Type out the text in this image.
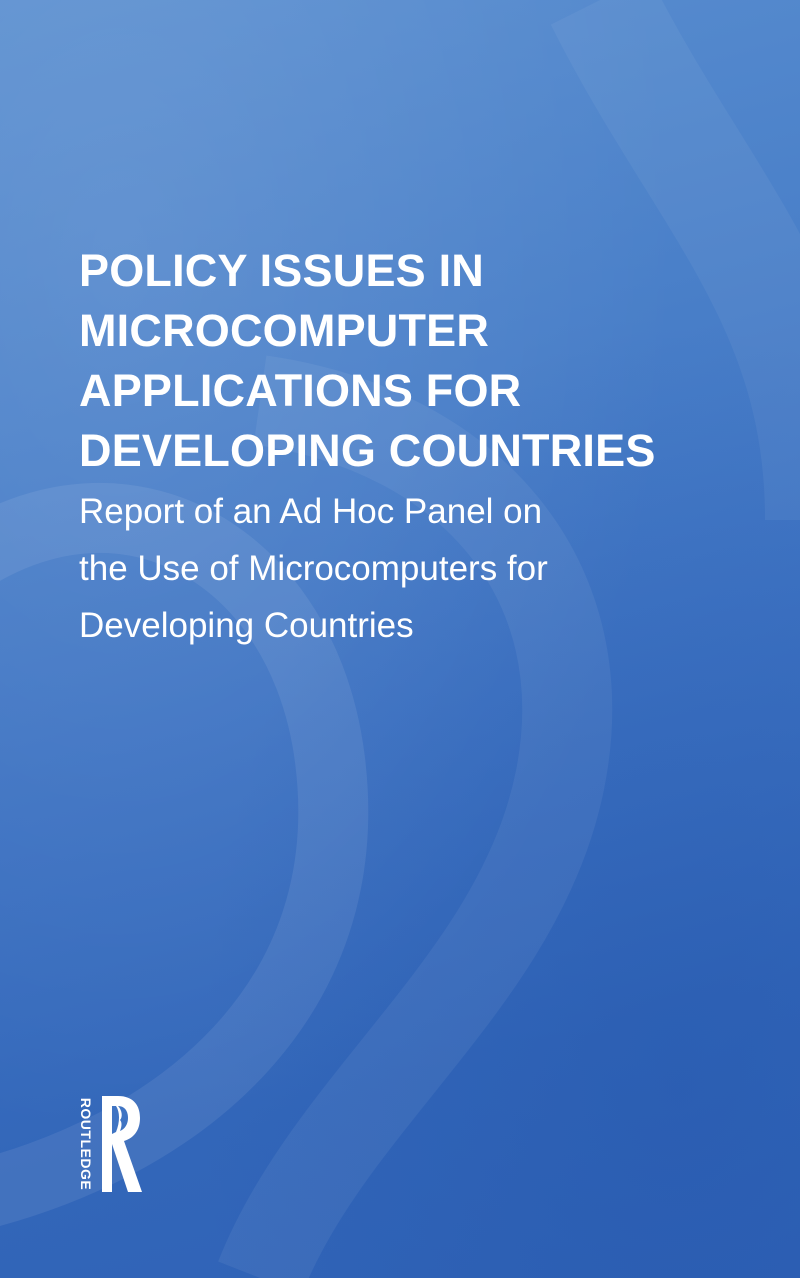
POLICY ISSUES IN
MICROCOMPUTER
APPLICATIONS FOR
DEVELOPING COUNTRIES

Report of an Ad Hoc Panel on
the Use of Microcomputers for
Developing Countries

ROUTLEDGE
